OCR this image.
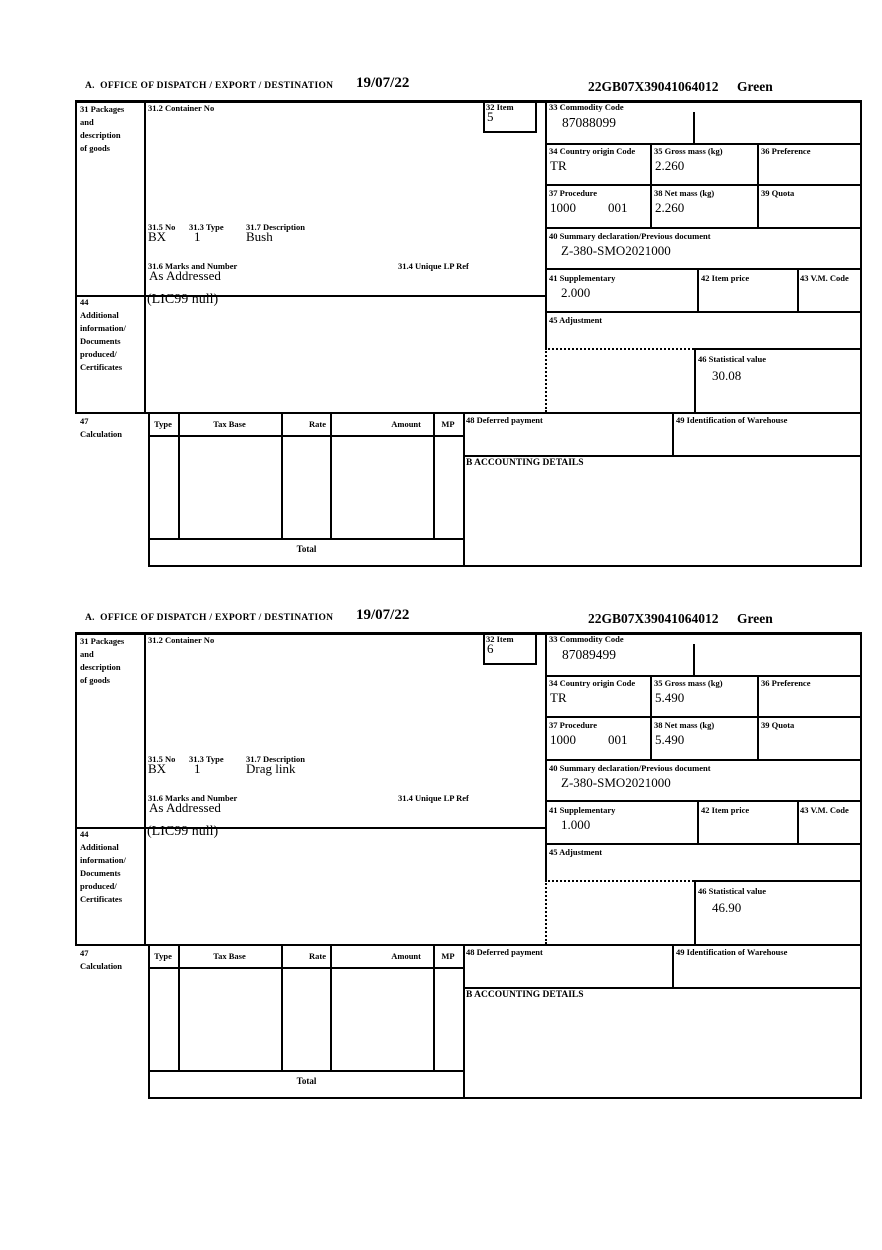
A.  OFFICE OF DISPATCH / EXPORT / DESTINATION 19/07/22	22GB07X39041064012 Green
31 Packages
and
description
of goods
31.2 Container No	32 Item
5
33 Commodity Code
87088099
34 Country origin Code
TR
35 Gross mass (kg)
2.260
36 Preference
37 Procedure
1000 001
38 Net mass (kg)
2.260
39 Quota
31.5 No 31.3 Type	31.7 Description
BX 1	Bush	40 Summary declaration/Previous document
Z-380-SMO2021000
31.6 Marks and Number	31.4 Unique LP Ref
As Addressed	41 Supplementary
2.000
42 Item price	43 V.M. Code
44
Additional
information/
Documents
produced/
Certificates
(LIC99 null)
45 Adjustment
46 Statistical value
30.08
47
Calculation
Type	Tax Base	Rate	Amount	MP	48 Deferred payment	49 Identification of Warehouse
B ACCOUNTING DETAILS
Total
A.  OFFICE OF DISPATCH / EXPORT / DESTINATION 19/07/22	22GB07X39041064012 Green
31 Packages
and
description
of goods
31.2 Container No	32 Item
6
33 Commodity Code
87089499
34 Country origin Code
TR
35 Gross mass (kg)
5.490
36 Preference
37 Procedure
1000 001
38 Net mass (kg)
5.490
39 Quota
31.5 No 31.3 Type	31.7 Description
BX 1	Drag link	40 Summary declaration/Previous document
Z-380-SMO2021000
31.6 Marks and Number	31.4 Unique LP Ref
As Addressed	41 Supplementary
1.000
42 Item price	43 V.M. Code
44
Additional
information/
Documents
produced/
Certificates
(LIC99 null)
45 Adjustment
46 Statistical value
46.90
47
Calculation
Type	Tax Base	Rate	Amount	MP	48 Deferred payment	49 Identification of Warehouse
B ACCOUNTING DETAILS
Total
